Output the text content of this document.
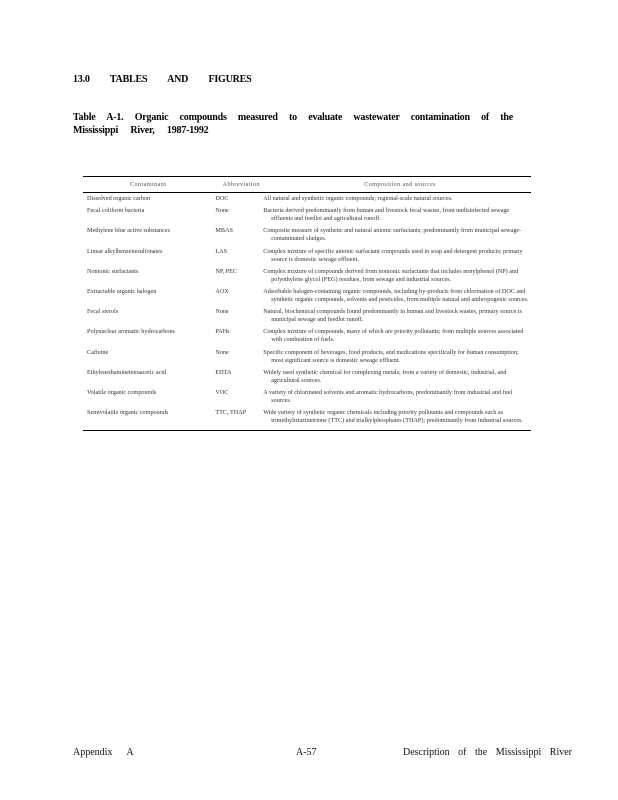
13.0 TABLES AND FIGURES
Table A-1. Organic compounds measured to evaluate wastewater contamination of the
Mississippi River, 1987-1992
Contaminant	Abbreviation	Composition and sources
Dissolved organic carbon	DOC	All natural and synthetic organic compounds; regional-scale natural sources.
Fecal coliform bacteria	None	Bacteria derived predominantly from human and livestock fecal wastes, from undisinfected sewage effluents and feedlot and agricultural runoff.
Methylene blue active substances	MBAS	Composite measure of synthetic and natural anionic surfactants; predominantly from municipal sewage-contaminated sludges.
Linear alkylbenzenesulfonates	LAS	Complex mixture of specific anionic surfactant compounds used in soap and detergent products; primary source is domestic sewage effluent.
Nonionic surfactants	NP, PEC	Complex mixture of compounds derived from nonionic surfactants that includes nonylphenol (NP) and polyethylene glycol (PEG) residues, from sewage and industrial sources.
Extractable organic halogen	AOX	Adsorbable halogen-containing organic compounds, including by-products from chlorination of DOC and synthetic organic compounds, solvents and pesticides, from multiple natural and anthropogenic sources.
Fecal sterols	None	Natural, biochemical compounds found predominantly in human and livestock wastes, primary source is municipal sewage and feedlot runoff.
Polynuclear aromatic hydrocarbons	PAHs	Complex mixture of compounds, many of which are priority pollutants; from multiple sources associated with combustion of fuels.
Caffeine	None	Specific component of beverages, food products, and medications specifically for human consumption; most significant source is domestic sewage effluent.
Ethylenediaminetetraacetic acid	EDTA	Widely used synthetic chemical for complexing metals; from a variety of domestic, industrial, and agricultural sources.
Volatile organic compounds	VOC	A variety of chlorinated solvents and aromatic hydrocarbons, predominantly from industrial and fuel sources.
Semivolatile organic compounds	TTC, THAP	Wide variety of synthetic organic chemicals including priority pollutants and compounds such as trimethyltriazinetrione (TTC) and trialkylphosphates (THAP); predominantly from industrial sources.
Appendix A	A-57	Description of the Mississippi River
